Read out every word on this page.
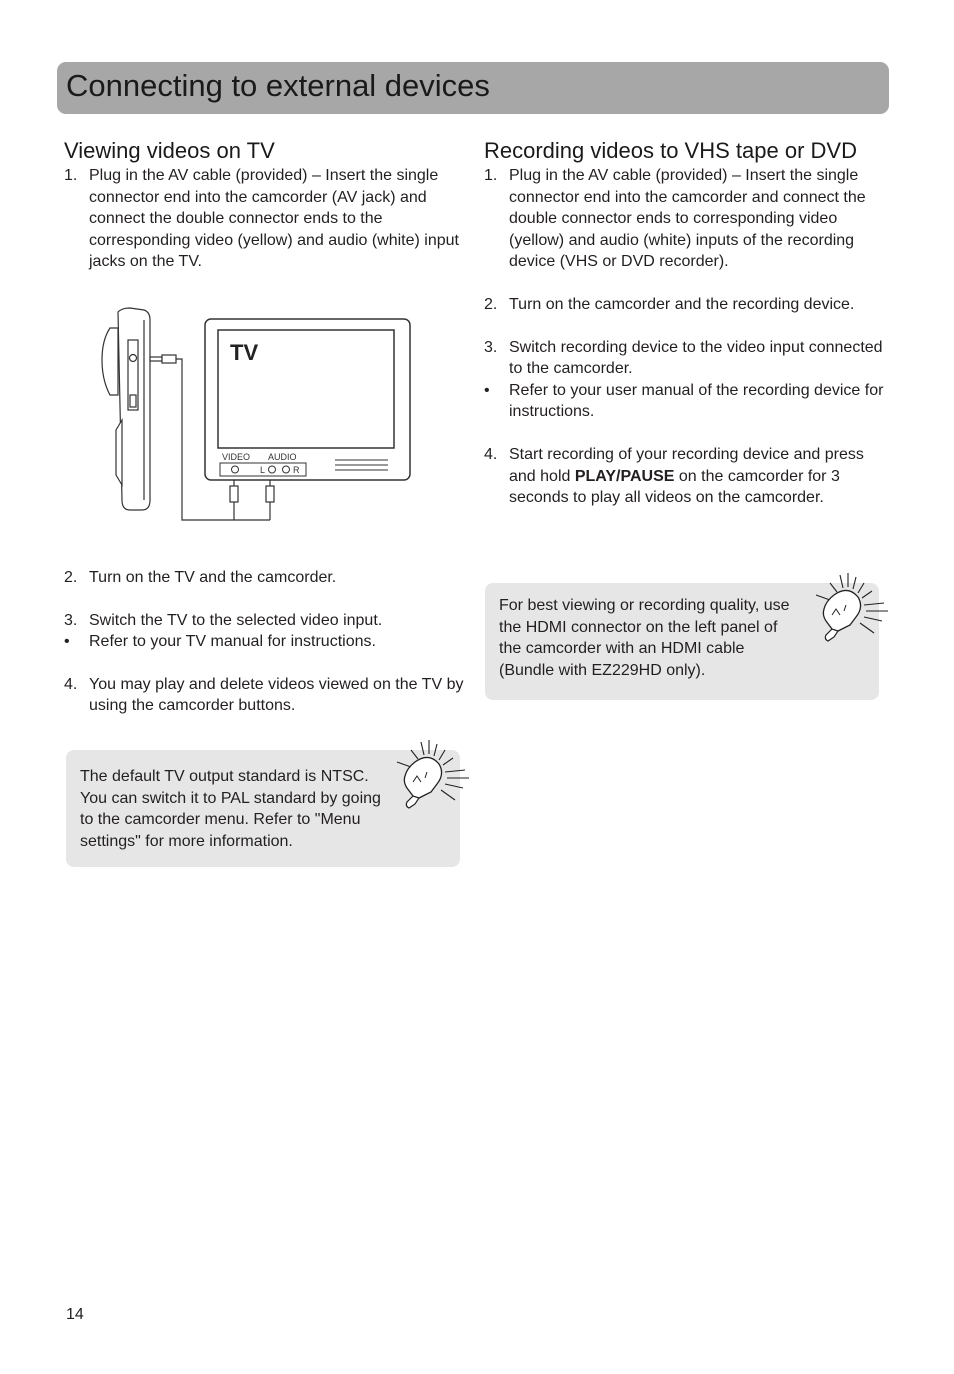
Connecting to external devices
Viewing videos on TV
1. Plug in the AV cable (provided) – Insert the single connector end into the camcorder (AV jack) and connect the double connector ends to the corresponding video (yellow) and audio (white) input jacks on the TV.
TV
VIDEO AUDIO
L	R
2. Turn on the TV and the camcorder.
3. Switch the TV to the selected video input.
• Refer to your TV manual for instructions.
4. You may play and delete videos viewed on the TV by using the camcorder buttons.
The default TV output standard is NTSC. You can switch it to PAL standard by going to the camcorder menu. Refer to "Menu settings" for more information.
Recording videos to VHS tape or DVD
1. Plug in the AV cable (provided) – Insert the single connector end into the camcorder and connect the double connector ends to corresponding video (yellow) and audio (white) inputs of the recording device (VHS or DVD recorder).
2. Turn on the camcorder and the recording device.
3. Switch recording device to the video input connected to the camcorder.
• Refer to your user manual of the recording device for instructions.
4. Start recording of your recording device and press and hold PLAY/PAUSE on the camcorder for 3 seconds to play all videos on the camcorder.
For best viewing or recording quality, use the HDMI connector on the left panel of the camcorder with an HDMI cable (Bundle with EZ229HD only).
14
